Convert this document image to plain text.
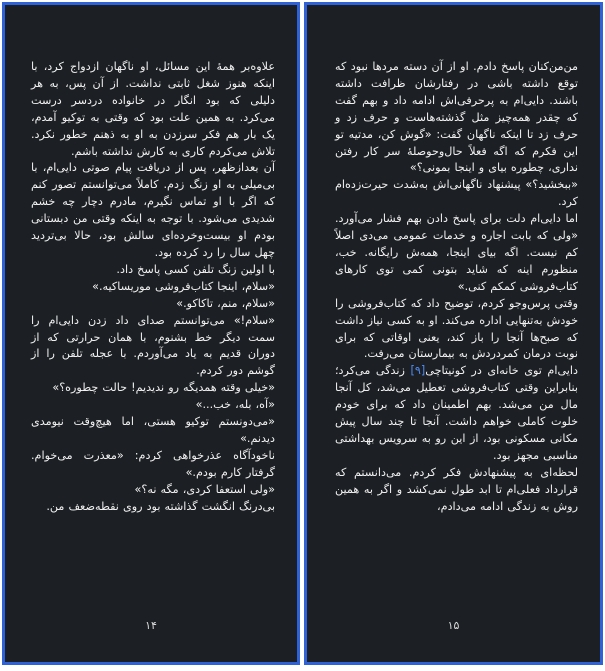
علاوه‌بر همهٔ این مسائل، او ناگهان ازدواج کرد، با اینکه هنوز شغل ثابتی نداشت. از آن پس، به هر دلیلی که بود انگار در خانواده دردسر درست می‌کرد. به همین علت بود که وقتی به توکیو آمدم، یک بار هم فکر سرزدن به او به ذهنم خطور نکرد. تلاش می‌کردم کاری به کارش نداشته باشم.

آن بعدازظهر، پس از دریافت پیام صوتی دایی‌ام، با بی‌میلی به او زنگ زدم. کاملاً می‌توانستم تصور کنم که اگر با او تماس نگیرم، مادرم دچار چه خشم شدیدی می‌شود. با توجه به اینکه وقتی من دبستانی بودم او بیست‌وخرده‌ای سالش بود، حالا بی‌تردید چهل سال را رد کرده بود.

با اولین زنگ تلفن کسی پاسخ داد.

«سلام، اینجا کتاب‌فروشی موریساکیه.»

«سلام، منم، تاکاکو.»

«سلام!» می‌توانستم صدای داد زدن دایی‌ام را سمت دیگر خط بشنوم، با همان حرارتی که از دوران قدیم به یاد می‌آوردم. با عجله تلفن را از گوشم دور کردم.

«خیلی وقته همدیگه رو ندیدیم! حالت چطوره؟»

«آه، بله، خب...»

«می‌دونستم توکیو هستی، اما هیچ‌وقت نیومدی دیدنم.»

ناخودآگاه عذرخواهی کردم: «معذرت می‌خوام. گرفتار کارم بودم.»

«ولی استعفا کردی، مگه نه؟»

بی‌درنگ انگشت گذاشته بود روی نقطه‌ضعف من.

۱۴

من‌من‌کنان پاسخ دادم. او از آن دسته مردها نبود که توقع داشته باشی در رفتارشان ظرافت داشته باشند. دایی‌ام به پرحرفی‌اش ادامه داد و بهم گفت که چقدر همه‌چیز مثل گذشته‌هاست و حرف زد و حرف زد تا اینکه ناگهان گفت: «گوش کن، مدتیه تو این فکرم که اگه فعلاً حال‌وحوصلهٔ سر کار رفتن نداری، چطوره بیای و اینجا بمونی؟»

«ببخشید؟» پیشنهاد ناگهانی‌اش به‌شدت حیرت‌زده‌ام کرد.

اما دایی‌ام دلت برای پاسخ دادن بهم فشار می‌آورد. «ولی که بابت اجاره و خدمات عمومی می‌دی اصلاً کم نیست. اگه بیای اینجا، همه‌ش رایگانه. خب، منظورم اینه که شاید بتونی کمی توی کارهای کتاب‌فروشی کمکم کنی.»

وقتی پرس‌وجو کردم، توضیح داد که کتاب‌فروشی را خودش به‌تنهایی اداره می‌کند. او به کسی نیاز داشت که صبح‌ها آنجا را باز کند، یعنی اوقاتی که برای نوبت درمان کمردردش به بیمارستان می‌رفت.

دایی‌ام توی خانه‌ای در کونیتاچی[۹] زندگی می‌کرد؛ بنابراین وقتی کتاب‌فروشی تعطیل می‌شد، کل آنجا مال من می‌شد. بهم اطمینان داد که برای خودم خلوت کاملی خواهم داشت. آنجا تا چند سال پیش مکانی مسکونی بود، از این رو به سرویس بهداشتی مناسبی مجهز بود.

لحظه‌ای به پیشنهادش فکر کردم. می‌دانستم که قرارداد فعلی‌ام تا ابد طول نمی‌کشد و اگر به همین روش به زندگی ادامه می‌دادم،

۱۵
